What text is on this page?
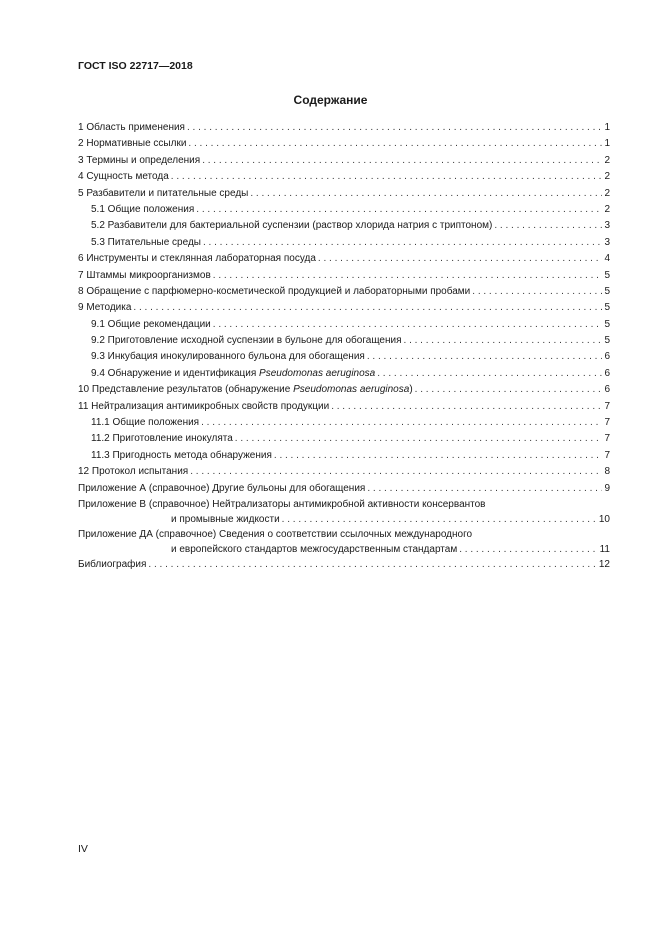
ГОСТ ISO 22717—2018
Содержание
1 Область применения . . .	1
2 Нормативные ссылки . . .	1
3 Термины и определения . . .	2
4 Сущность метода . . .	2
5 Разбавители и питательные среды . . .	2
5.1 Общие положения . . .	2
5.2 Разбавители для бактериальной суспензии (раствор хлорида натрия с триптоном) . . .	3
5.3 Питательные среды . . .	3
6 Инструменты и стеклянная лабораторная посуда . . .	4
7 Штаммы микроорганизмов . . .	5
8 Обращение с парфюмерно-косметической продукцией и лабораторными пробами . . .	5
9 Методика . . .	5
9.1 Общие рекомендации . . .	5
9.2 Приготовление исходной суспензии в бульоне для обогащения . . .	5
9.3 Инкубация инокулированного бульона для обогащения . . .	6
9.4 Обнаружение и идентификация Pseudomonas aeruginosa . . .	6
10 Представление результатов (обнаружение Pseudomonas aeruginosa) . . .	6
11 Нейтрализация антимикробных свойств продукции . . .	7
11.1 Общие положения . . .	7
11.2 Приготовление инокулята . . .	7
11.3 Пригодность метода обнаружения . . .	7
12 Протокол испытания . . .	8
Приложение А (справочное) Другие бульоны для обогащения . . .	9
Приложение В (справочное) Нейтрализаторы антимикробной активности консервантов
и промывные жидкости . . .	10
Приложение ДА (справочное) Сведения о соответствии ссылочных международного
и европейского стандартов межгосударственным стандартам . . .	11
Библиография . . .	12
IV
